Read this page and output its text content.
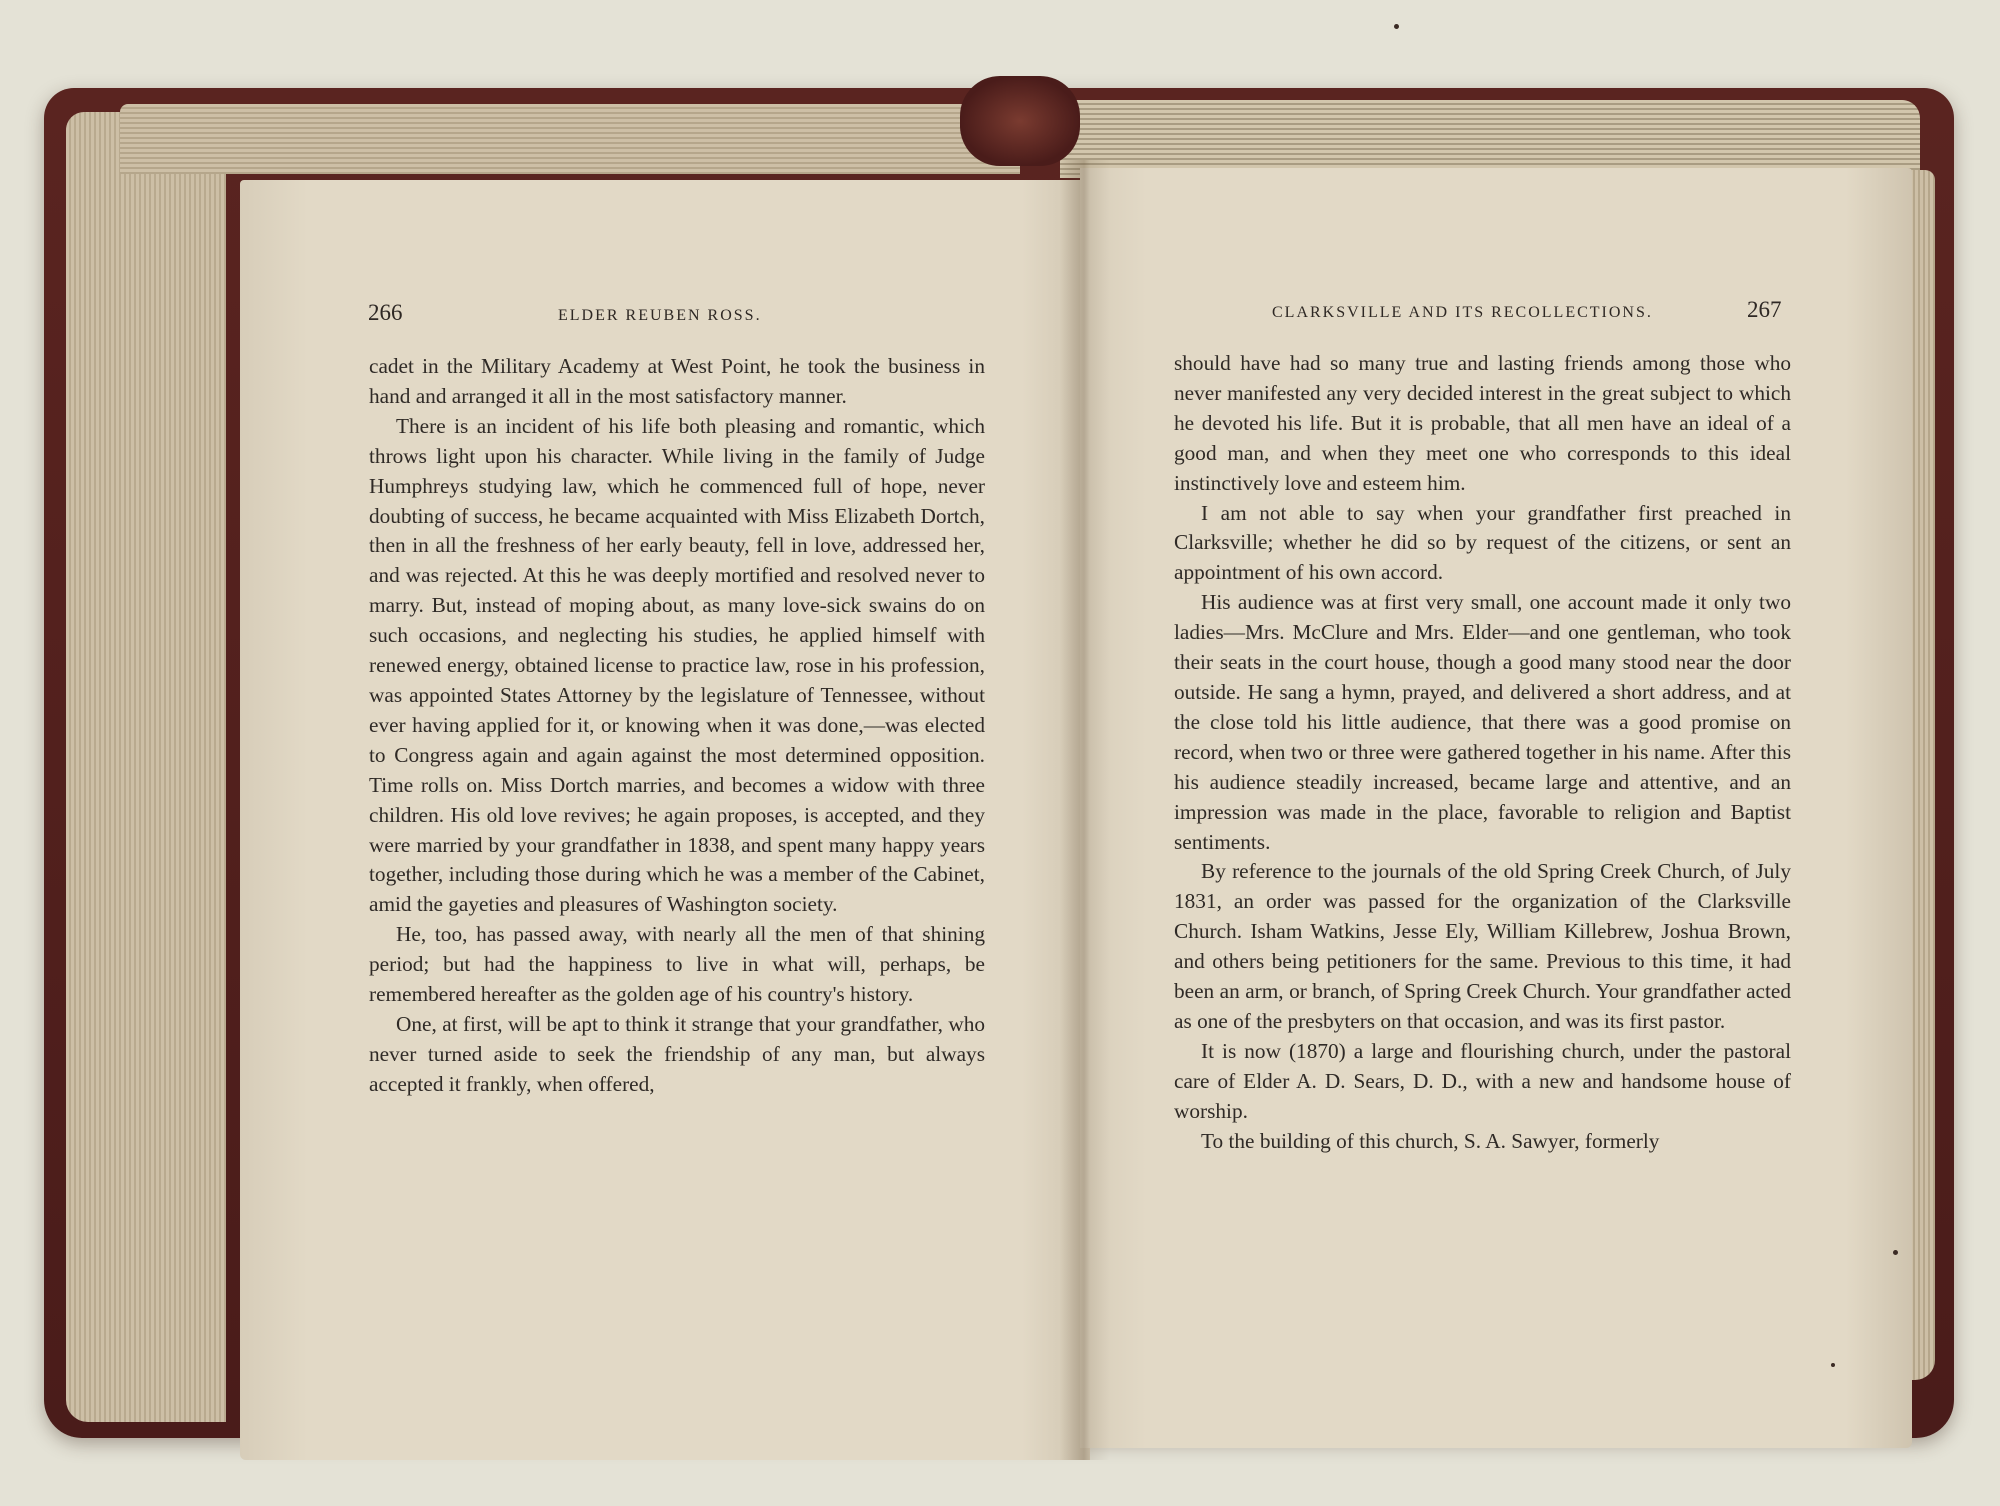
266	ELDER REUBEN ROSS.	CLARKSVILLE AND ITS RECOLLECTIONS.	267

cadet in the Military Academy at West Point, he took the business in hand and arranged it all in the most satisfactory manner.

There is an incident of his life both pleasing and romantic, which throws light upon his character. While living in the family of Judge Humphreys studying law, which he commenced full of hope, never doubting of success, he became acquainted with Miss Elizabeth Dortch, then in all the freshness of her early beauty, fell in love, addressed her, and was rejected. At this he was deeply mortified and resolved never to marry. But, instead of moping about, as many love-sick swains do on such occasions, and neglecting his studies, he applied himself with renewed energy, obtained license to practice law, rose in his profession, was appointed States Attorney by the legislature of Tennessee, without ever having applied for it, or knowing when it was done,—was elected to Congress again and again against the most determined opposition. Time rolls on. Miss Dortch marries, and becomes a widow with three children. His old love revives; he again proposes, is accepted, and they were married by your grandfather in 1838, and spent many happy years together, including those during which he was a member of the Cabinet, amid the gayeties and pleasures of Washington society.

He, too, has passed away, with nearly all the men of that shining period; but had the happiness to live in what will, perhaps, be remembered hereafter as the golden age of his country's history.

One, at first, will be apt to think it strange that your grandfather, who never turned aside to seek the friendship of any man, but always accepted it frankly, when offered,

should have had so many true and lasting friends among those who never manifested any very decided interest in the great subject to which he devoted his life. But it is probable, that all men have an ideal of a good man, and when they meet one who corresponds to this ideal instinctively love and esteem him.

I am not able to say when your grandfather first preached in Clarksville; whether he did so by request of the citizens, or sent an appointment of his own accord.

His audience was at first very small, one account made it only two ladies—Mrs. McClure and Mrs. Elder—and one gentleman, who took their seats in the court house, though a good many stood near the door outside. He sang a hymn, prayed, and delivered a short address, and at the close told his little audience, that there was a good promise on record, when two or three were gathered together in his name. After this his audience steadily increased, became large and attentive, and an impression was made in the place, favorable to religion and Baptist sentiments.

By reference to the journals of the old Spring Creek Church, of July 1831, an order was passed for the organization of the Clarksville Church. Isham Watkins, Jesse Ely, William Killebrew, Joshua Brown, and others being petitioners for the same. Previous to this time, it had been an arm, or branch, of Spring Creek Church. Your grandfather acted as one of the presbyters on that occasion, and was its first pastor.

It is now (1870) a large and flourishing church, under the pastoral care of Elder A. D. Sears, D. D., with a new and handsome house of worship.

To the building of this church, S. A. Sawyer, formerly
